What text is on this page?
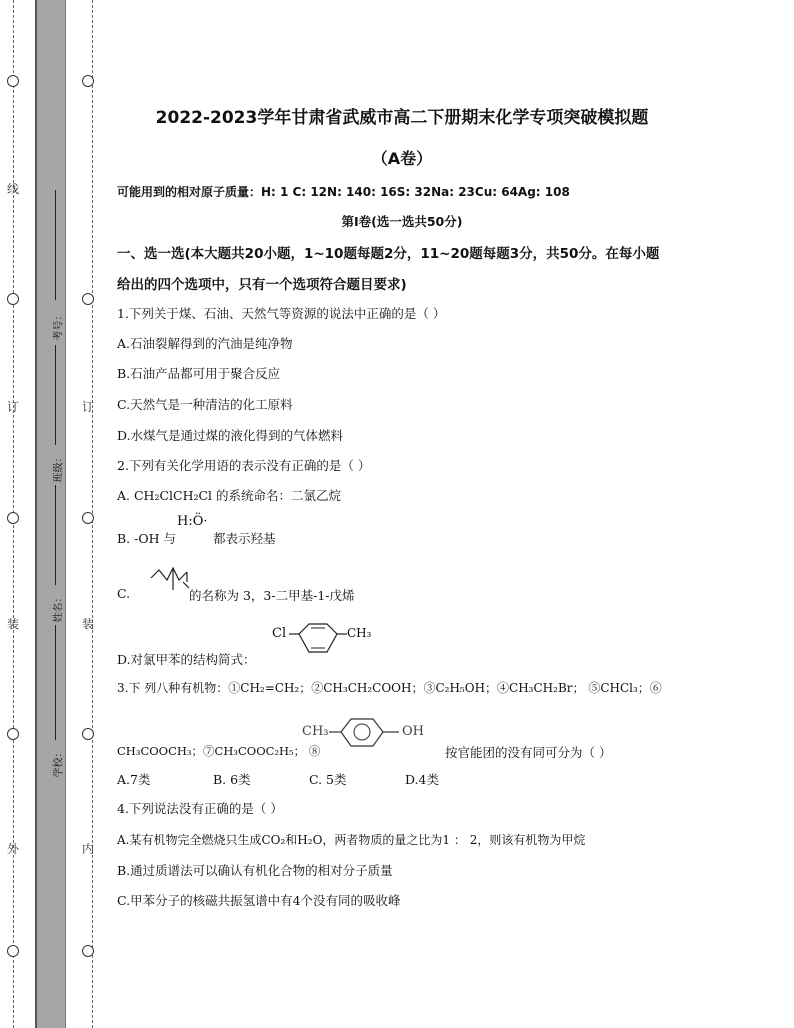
线
订
装
外
订
装
内
考号：
班级：
姓名：
学校：
2022-2023学年甘肃省武威市高二下册期末化学专项突破模拟题
（A卷）
可能用到的相对原子质量：H: 1 C: 12N: 140: 16S: 32Na: 23Cu: 64Ag: 108
第I卷(选一选共50分)
一、选一选(本大题共20小题，1~10题每题2分，11~20题每题3分，共50分。在每小题
给出的四个选项中，只有一个选项符合题目要求)
1.下列关于煤、石油、天然气等资源的说法中正确的是（ ）
A.石油裂解得到的汽油是纯净物
B.石油产品都可用于聚合反应
C.天然气是一种清洁的化工原料
D.水煤气是通过煤的液化得到的气体燃料
2.下列有关化学用语的表示没有正确的是（ ）
A. CH₂ClCH₂Cl 的系统命名：二氯乙烷
B. -OH 与
H:Ö·
都表示羟基
C.	的名称为 3，3-二甲基-1-戊烯
D.对氯甲苯的结构简式：
Cl	CH₃
3.下 列八种有机物：①CH₂=CH₂；②CH₃CH₂COOH；③C₂H₅OH；④CH₃CH₂Br； ⑤CHCl₃；⑥
CH₃COOCH₃；⑦CH₃COOC₂H₅； ⑧
CH₃	OH
按官能团的没有同可分为（ ）
A.7类	B. 6类	C. 5类	D.4类
4.下列说法没有正确的是（ ）
A.某有机物完全燃烧只生成CO₂和H₂O，两者物质的量之比为1 ： 2，则该有机物为甲烷
B.通过质谱法可以确认有机化合物的相对分子质量
C.甲苯分子的核磁共振氢谱中有4个没有同的吸收峰
